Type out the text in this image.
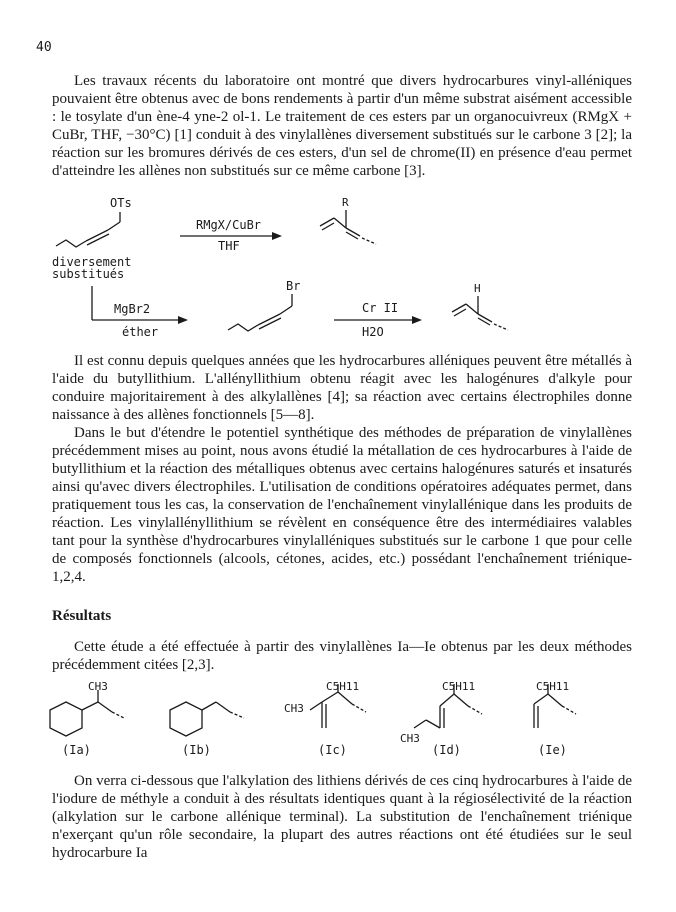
40

Les travaux récents du laboratoire ont montré que divers hydrocarbures vinyl-alléniques pouvaient être obtenus avec de bons rendements à partir d'un même substrat aisément accessible : le tosylate d'un ène-4 yne-2 ol-1. Le traitement de ces esters par un organocuivreux (RMgX + CuBr, THF, −30°C) [1] conduit à des vinylallènes diversement substitués sur le carbone 3 [2]; la réaction sur les bromures dérivés de ces esters, d'un sel de chrome(II) en présence d'eau permet d'atteindre les allènes non substitués sur ce même carbone [3].

OTs
diversement
substitués
RMgX/CuBr
THF
R
MgBr2
éther
Br
Cr II
H2O
H

Il est connu depuis quelques années que les hydrocarbures alléniques peuvent être métallés à l'aide du butyllithium. L'allényllithium obtenu réagit avec les halogénures d'alkyle pour conduire majoritairement à des alkylallènes [4]; sa réaction avec certains électrophiles donne naissance à des allènes fonctionnels [5—8].

Dans le but d'étendre le potentiel synthétique des méthodes de préparation de vinylallènes précédemment mises au point, nous avons étudié la métallation de ces hydrocarbures à l'aide de butyllithium et la réaction des métalliques obtenus avec certains halogénures saturés et insaturés ainsi qu'avec divers électrophiles. L'utilisation de conditions opératoires adéquates permet, dans pratiquement tous les cas, la conservation de l'enchaînement vinylallénique dans les produits de réaction. Les vinylallényllithium se révèlent en conséquence être des intermédiaires valables tant pour la synthèse d'hydrocarbures vinylalléniques substitués sur le carbone 1 que pour celle de composés fonctionnels (alcools, cétones, acides, etc.) possédant l'enchaînement triénique-1,2,4.

Résultats

Cette étude a été effectuée à partir des vinylallènes Ia—Ie obtenus par les deux méthodes précédemment citées [2,3].

CH3
(Ia)	(Ib)
C5H11
CH3
(Ic)
C5H11
CH3
(Id)
C5H11
(Ie)

On verra ci-dessous que l'alkylation des lithiens dérivés de ces cinq hydrocarbures à l'aide de l'iodure de méthyle a conduit à des résultats identiques quant à la régiosélectivité de la réaction (alkylation sur le carbone allénique terminal). La substitution de l'enchaînement triénique n'exerçant qu'un rôle secondaire, la plupart des autres réactions ont été étudiées sur le seul hydrocarbure Ia
